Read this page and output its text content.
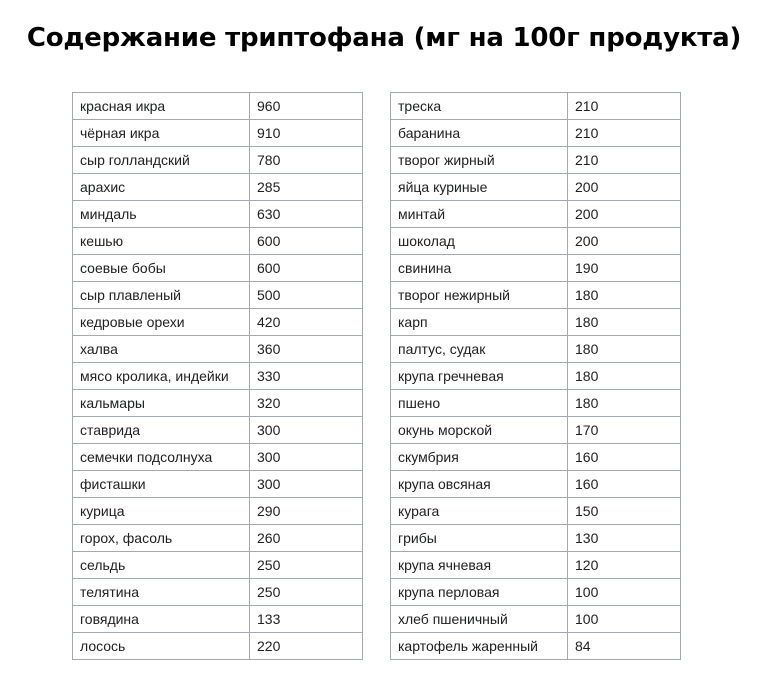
Содержание триптофана (мг на 100г продукта)
красная икра	960
чёрная икра	910
сыр голландский	780
арахис	285
миндаль	630
кешью	600
соевые бобы	600
сыр плавленый	500
кедровые орехи	420
халва	360
мясо кролика, индейки	330
кальмары	320
ставрида	300
семечки подсолнуха	300
фисташки	300
курица	290
горох, фасоль	260
сельдь	250
телятина	250
говядина	133
лосось	220
треска	210
баранина	210
творог жирный	210
яйца куриные	200
минтай	200
шоколад	200
свинина	190
творог нежирный	180
карп	180
палтус, судак	180
крупа гречневая	180
пшено	180
окунь морской	170
скумбрия	160
крупа овсяная	160
курага	150
грибы	130
крупа ячневая	120
крупа перловая	100
хлеб пшеничный	100
картофель жаренный	84
